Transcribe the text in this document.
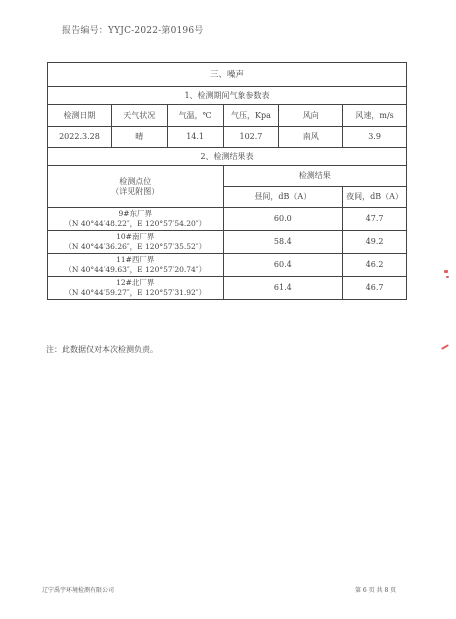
报告编号：YYJC-2022-第0196号
三、噪声					
1、检测期间气象参数表					
检测日期	天气状况	气温，℃	气压，Kpa	风向	风速，m/s
2022.3.28	晴	14.1	102.7	南风	3.9
2、检测结果表					

检测点位
（详见附图）			检测结果		
			昼间，dB（A）		夜间，dB（A）

9#东厂界
（N 40°44′48.22″，E 120°57′54.20″）			60.0		47.7

10#南厂界
（N 40°44′36.26″，E 120°57′35.52″）			58.4		49.2

11#西厂界
（N 40°44′49.63″，E 120°57′20.74″）			60.4		46.2

12#北厂界
（N 40°44′59.27″，E 120°57′31.92″）			61.4		46.7
注：此数据仅对本次检测负责。
辽宁禹宇环境检测有限公司	第 6 页 共 8 页
